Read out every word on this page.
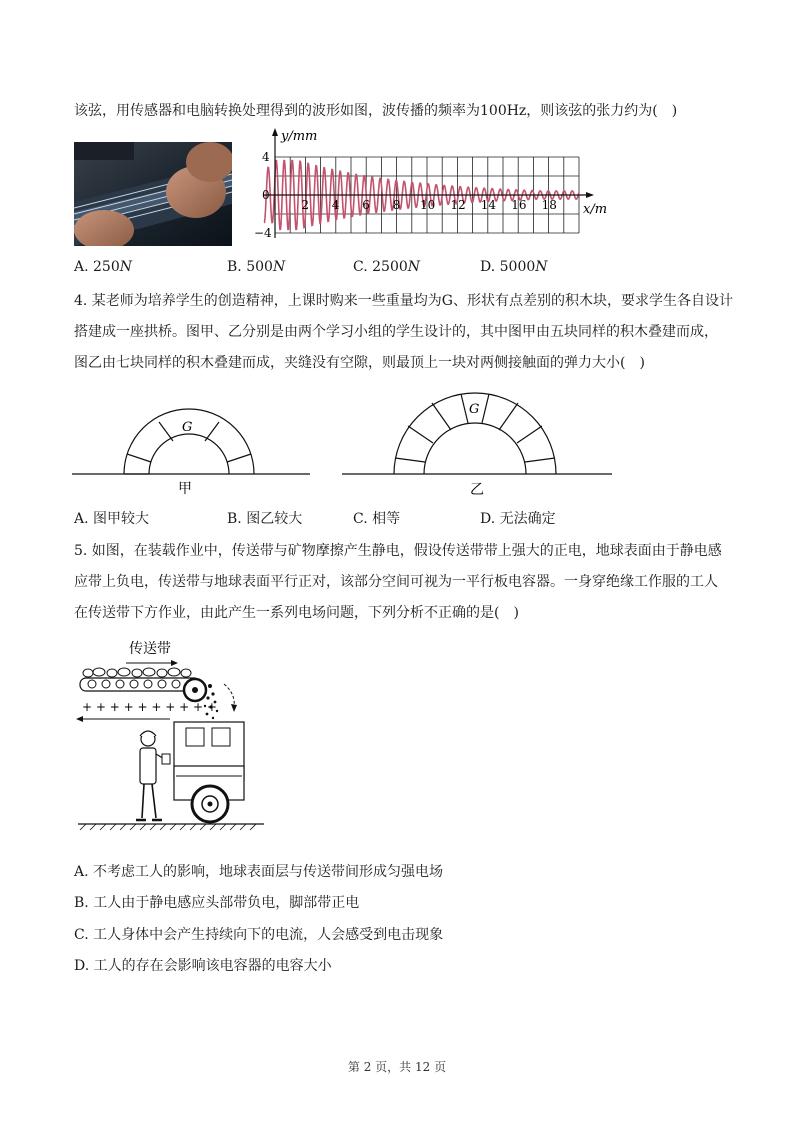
该弦，用传感器和电脑转换处理得到的波形如图，波传播的频率为100Hz，则该弦的张力约为(　)
y/mm
x/m
4
0
−4
2 4 6 8 10 12 14 16 18
A. 250N	B. 500N	C. 2500N	D. 5000N
4. 某老师为培养学生的创造精神，上课时购来一些重量均为G、形状有点差别的积木块，要求学生各自设计
搭建成一座拱桥。图甲、乙分别是由两个学习小组的学生设计的，其中图甲由五块同样的积木叠建而成，
图乙由七块同样的积木叠建而成，夹缝没有空隙，则最顶上一块对两侧接触面的弹力大小(　)
G
甲
G
乙
A. 图甲较大	B. 图乙较大	C. 相等	D. 无法确定
5. 如图，在装载作业中，传送带与矿物摩擦产生静电，假设传送带带上强大的正电，地球表面由于静电感
应带上负电，传送带与地球表面平行正对，该部分空间可视为一平行板电容器。一身穿绝缘工作服的工人
在传送带下方作业，由此产生一系列电场问题，下列分析不正确的是(　)
传送带
+ + + + + + + + + +
A. 不考虑工人的影响，地球表面层与传送带间形成匀强电场
B. 工人由于静电感应头部带负电，脚部带正电
C. 工人身体中会产生持续向下的电流，人会感受到电击现象
D. 工人的存在会影响该电容器的电容大小
第 2 页，共 12 页
